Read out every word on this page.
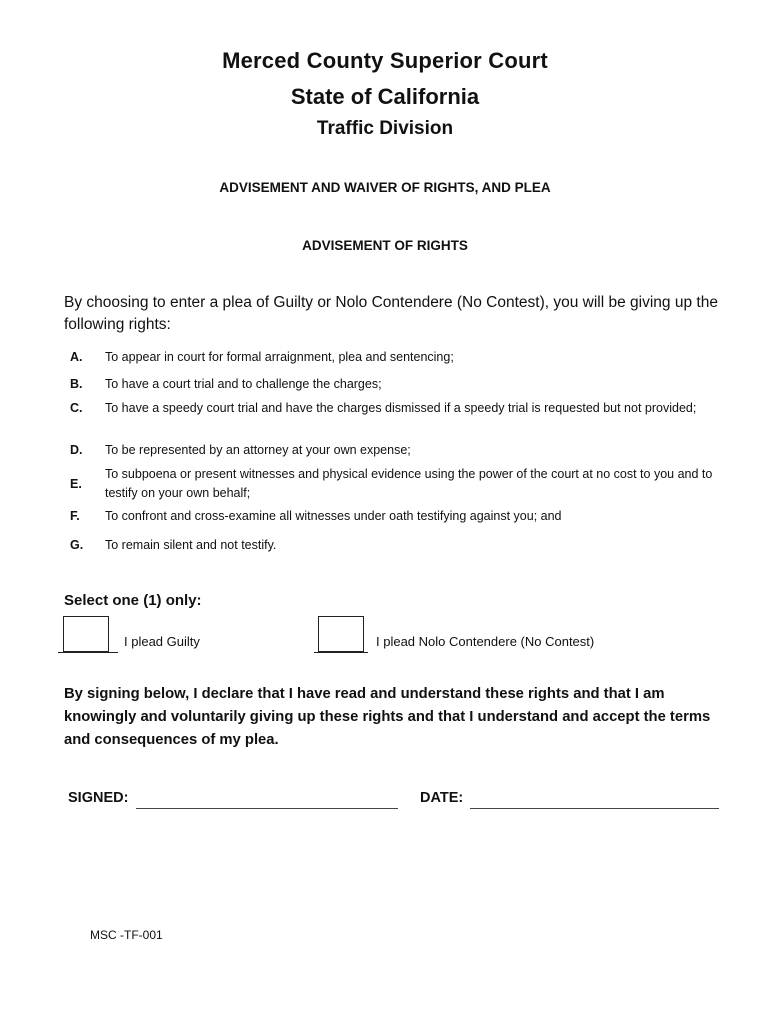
Merced County Superior Court
State of California
Traffic Division
ADVISEMENT AND WAIVER OF RIGHTS, AND PLEA
ADVISEMENT OF RIGHTS
By choosing to enter a plea of Guilty or Nolo Contendere (No Contest), you will be giving up the following rights:
A.	To appear in court for formal arraignment, plea and sentencing;
B.	To have a court trial and to challenge the charges;
C.	To have a speedy court trial and have the charges dismissed if a speedy trial is requested but not provided;
D.	To be represented by an attorney at your own expense;
E.
To subpoena or present witnesses and physical evidence using the power of the court at no cost to you and to testify on your own behalf;
F.	To confront and cross-examine all witnesses under oath testifying against you; and
G.	To remain silent and not testify.
Select one (1) only:
I plead Guilty	I plead Nolo Contendere (No Contest)
By signing below, I declare that I have read and understand these rights and that I am knowingly and voluntarily giving up these rights and that I understand and accept the terms and consequences of my plea.
SIGNED:	DATE:
MSC -TF-001
